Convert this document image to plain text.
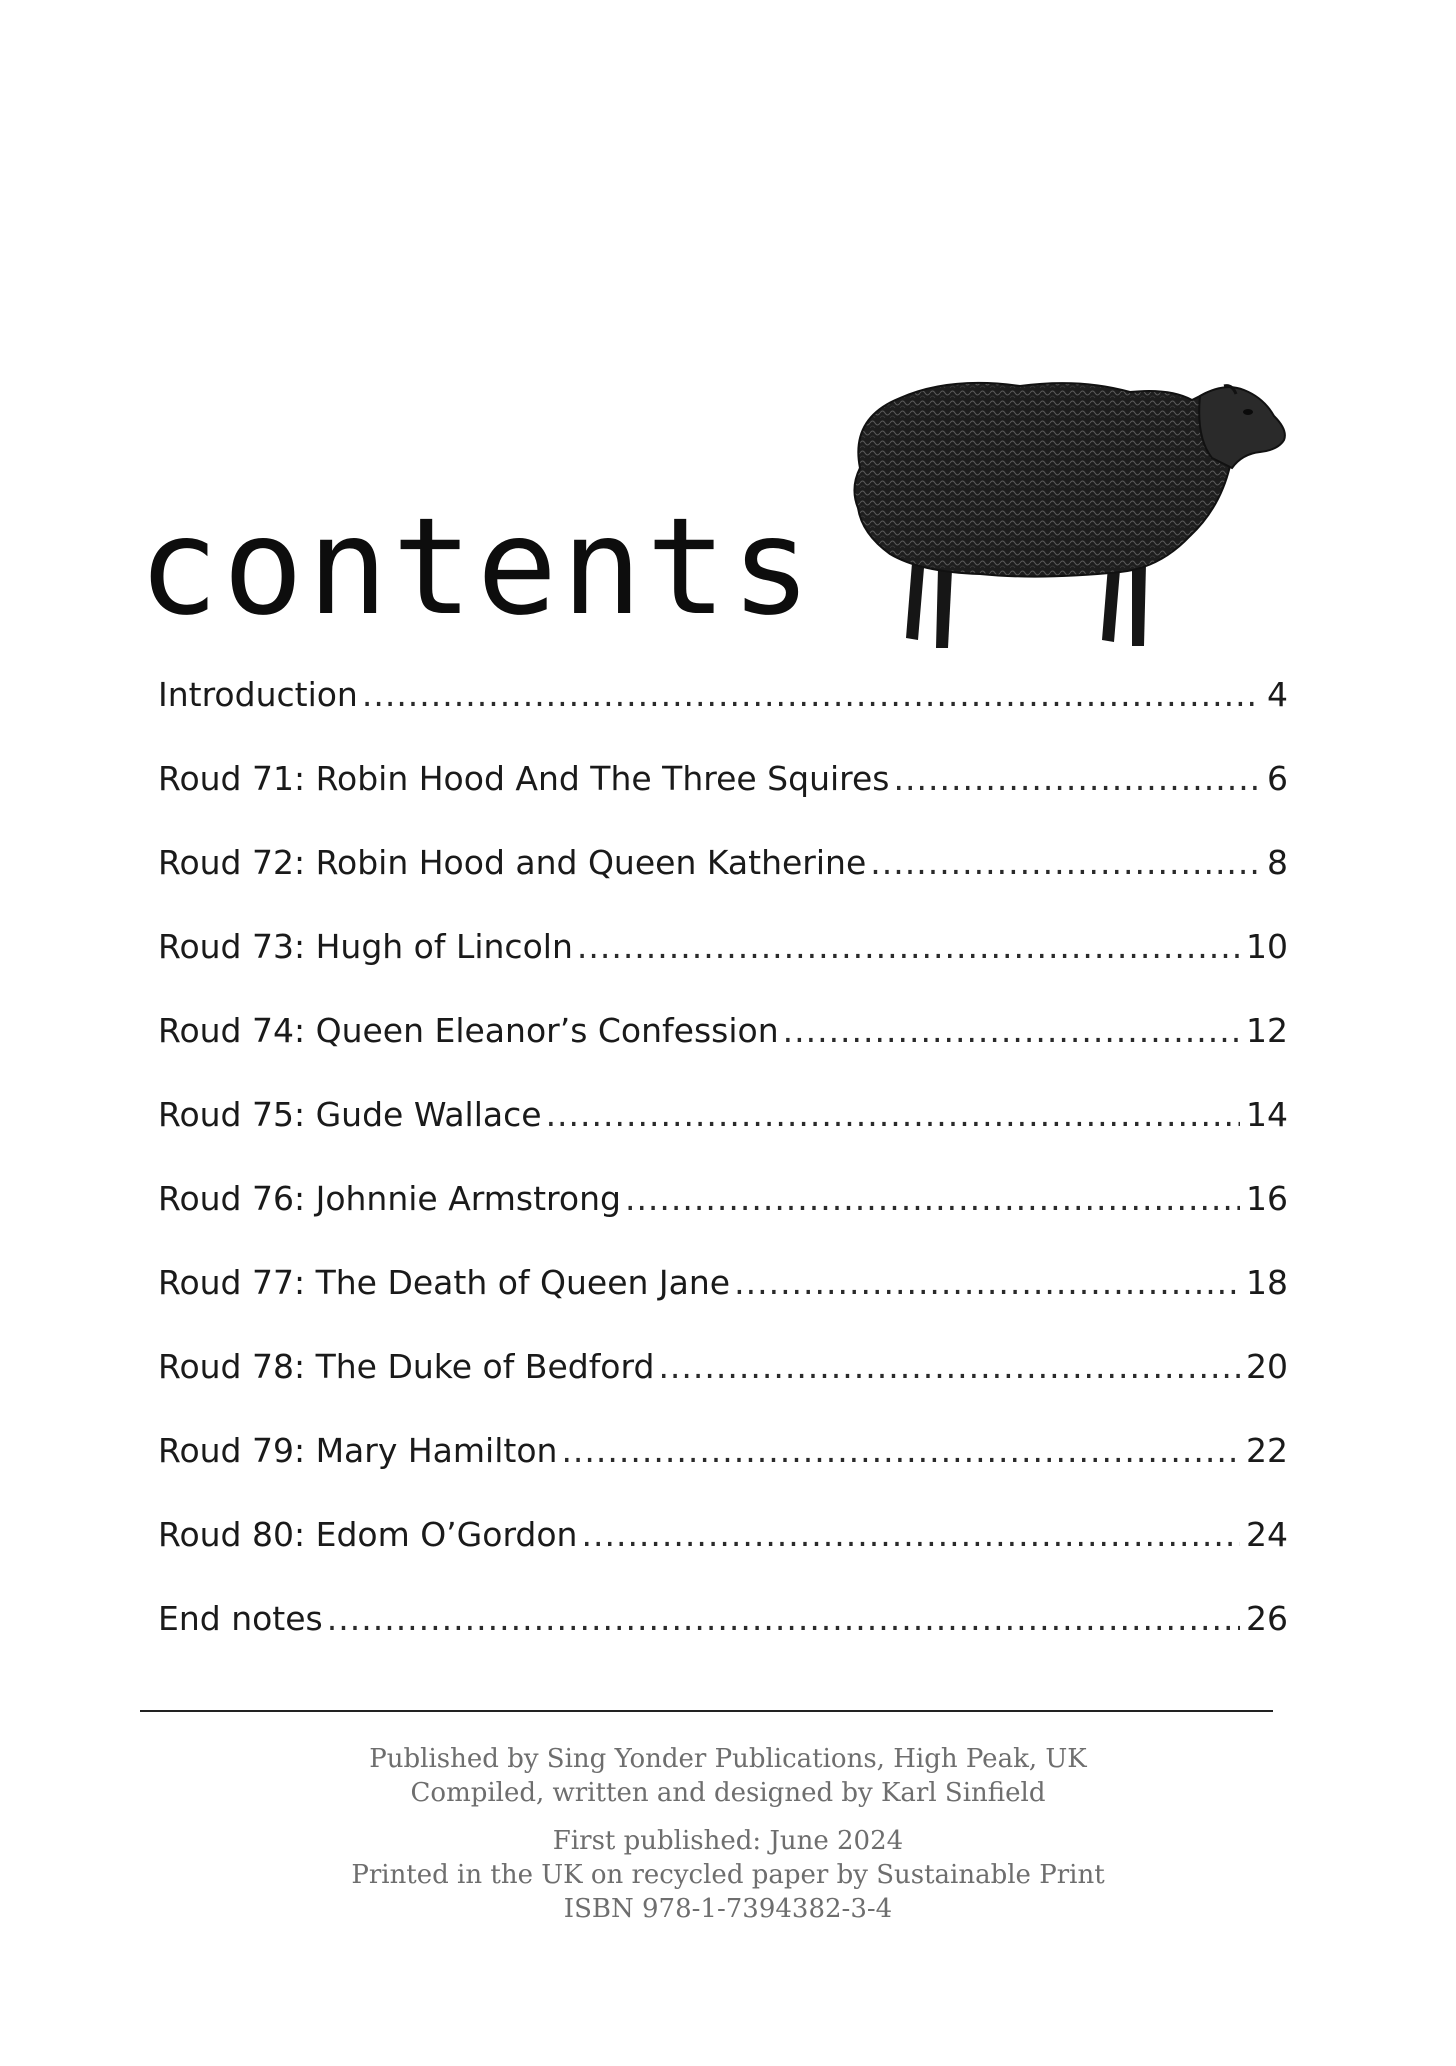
contents
Introduction .....	4
Roud 71: Robin Hood And The Three Squires .....	6
Roud 72: Robin Hood and Queen Katherine .....	8
Roud 73: Hugh of Lincoln .....	10
Roud 74: Queen Eleanor’s Confession .....	12
Roud 75: Gude Wallace .....	14
Roud 76: Johnnie Armstrong .....	16
Roud 77: The Death of Queen Jane .....	18
Roud 78: The Duke of Bedford .....	20
Roud 79: Mary Hamilton .....	22
Roud 80: Edom O’Gordon .....	24
End notes .....	26

Published by Sing Yonder Publications, High Peak, UK

Compiled, written and designed by Karl Sinfield

First published: June 2024

Printed in the UK on recycled paper by Sustainable Print

ISBN 978-1-7394382-3-4
